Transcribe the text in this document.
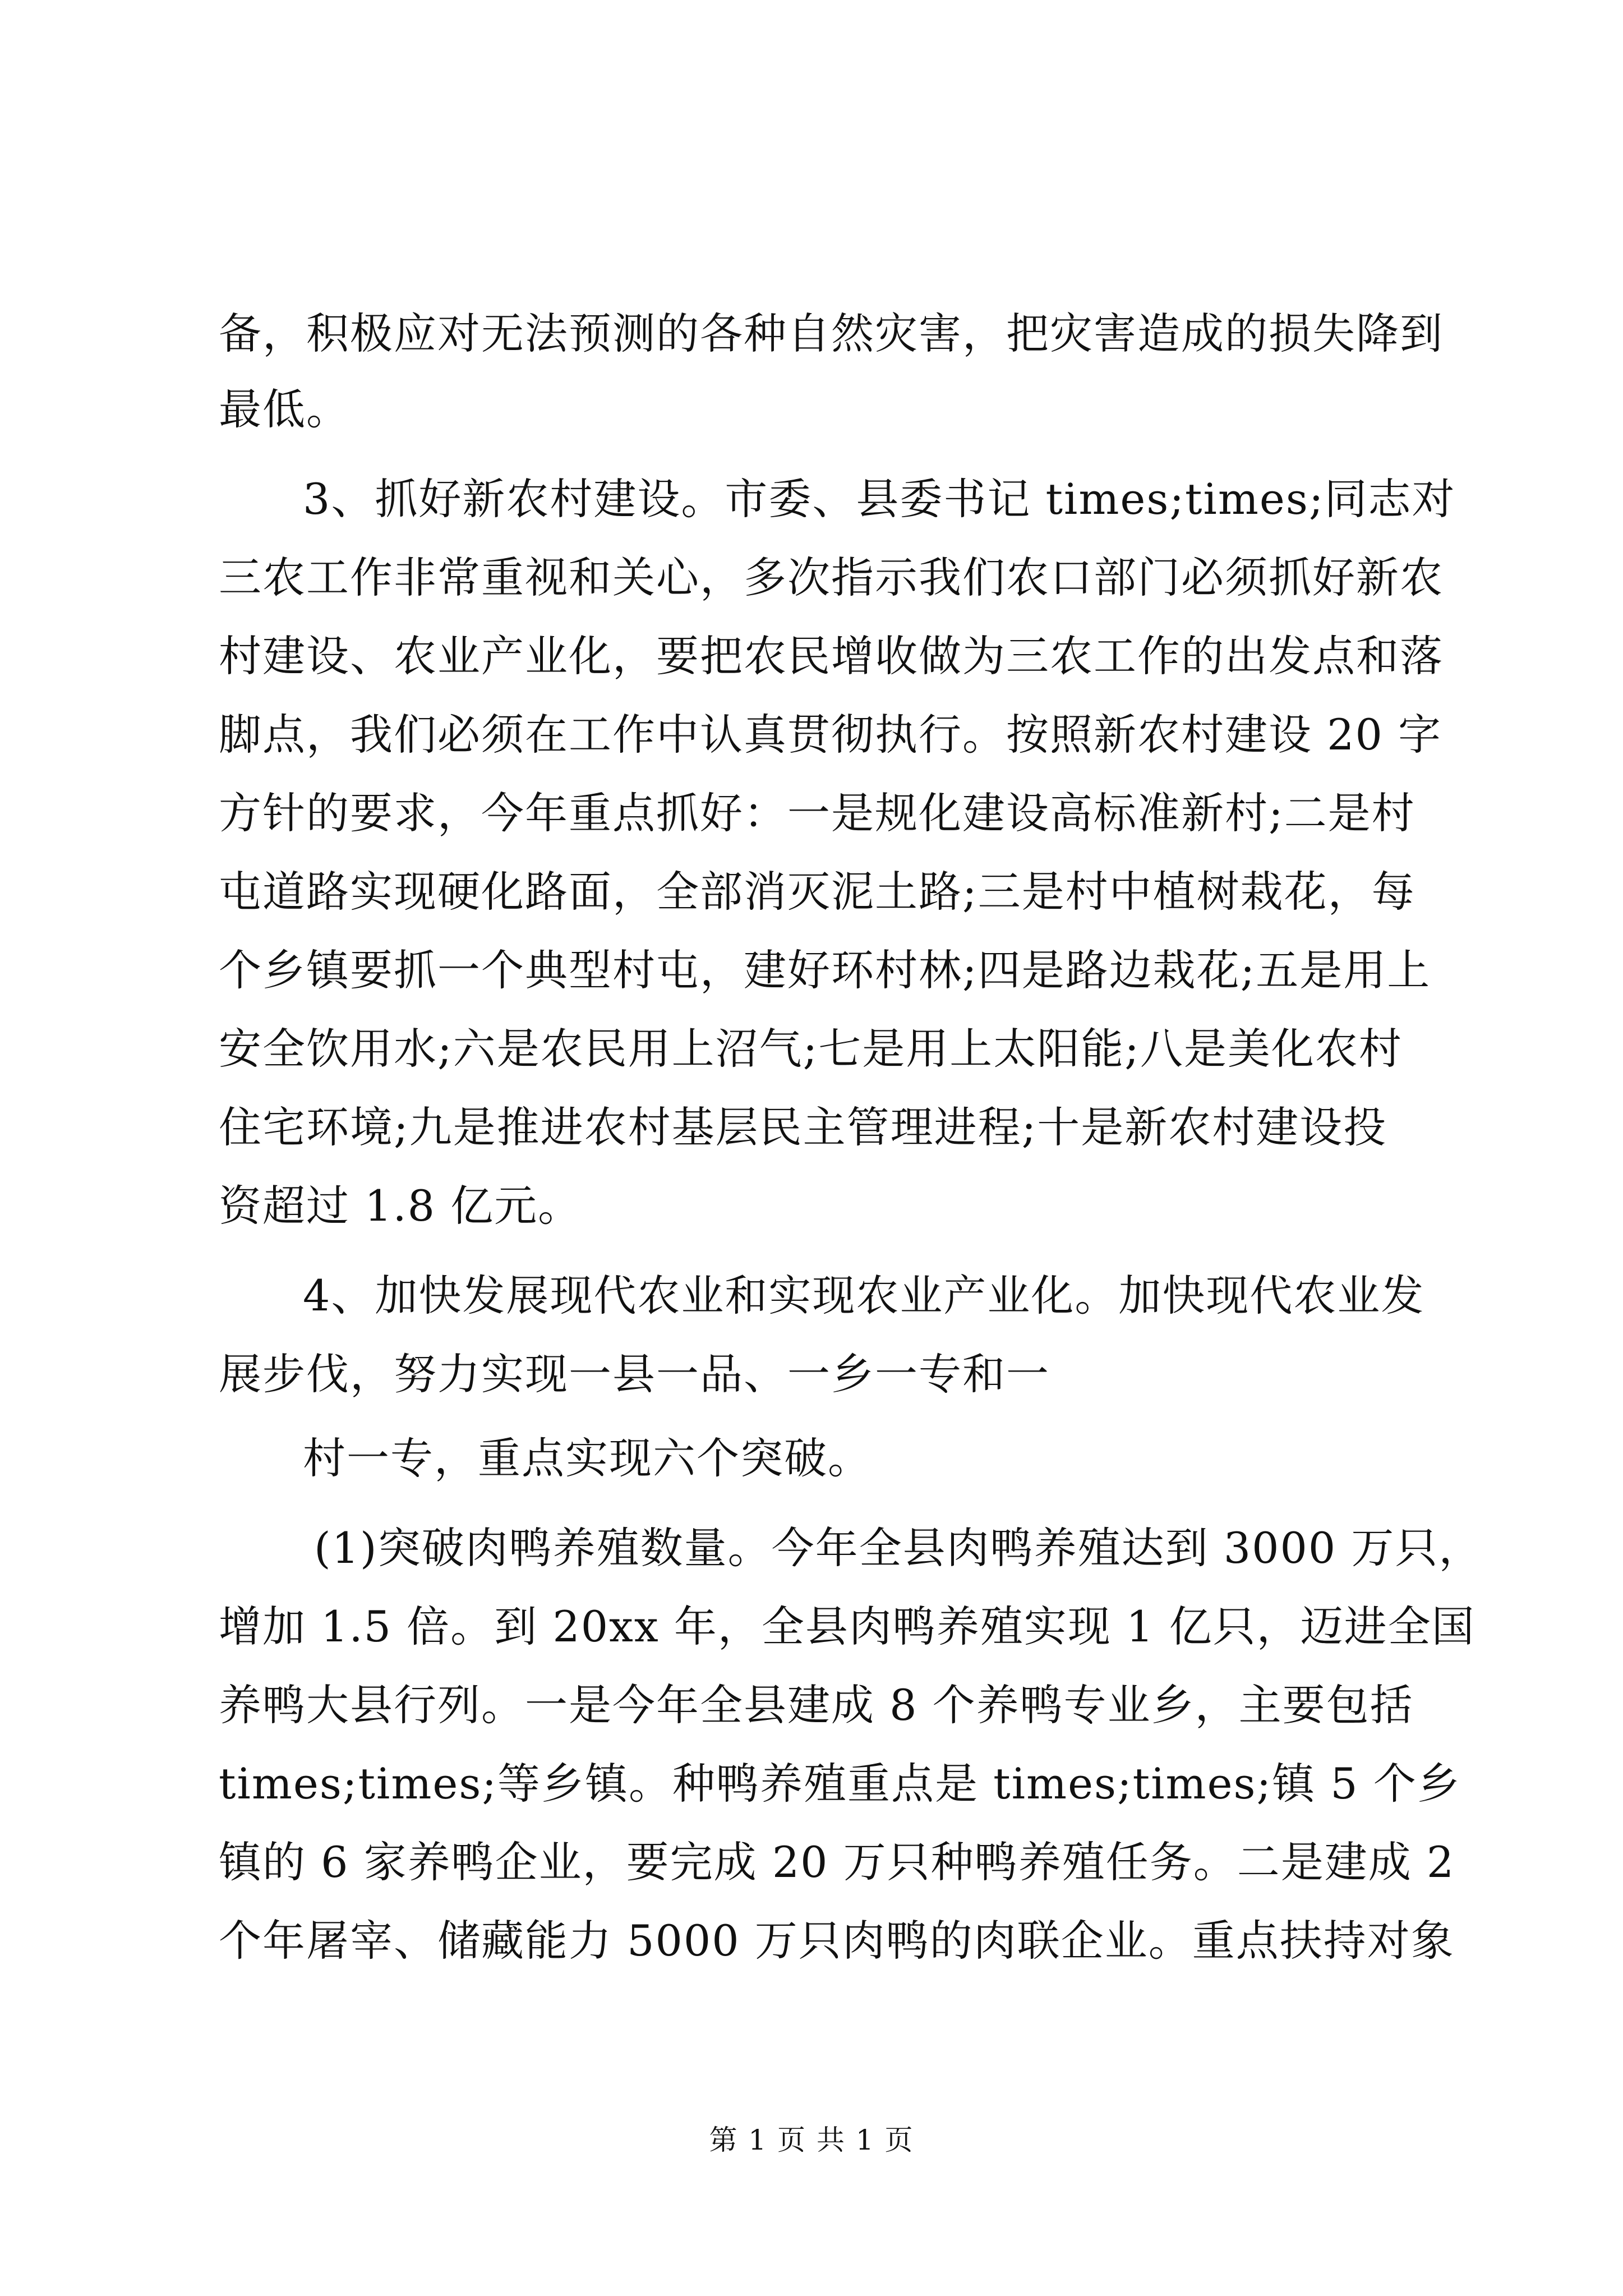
备，积极应对无法预测的各种自然灾害，把灾害造成的损失降到
最低。
3、抓好新农村建设。市委、县委书记 times;times;同志对
三农工作非常重视和关心，多次指示我们农口部门必须抓好新农
村建设、农业产业化，要把农民增收做为三农工作的出发点和落
脚点，我们必须在工作中认真贯彻执行。按照新农村建设 20 字
方针的要求，今年重点抓好：一是规化建设高标准新村;二是村
屯道路实现硬化路面，全部消灭泥土路;三是村中植树栽花，每
个乡镇要抓一个典型村屯，建好环村林;四是路边栽花;五是用上
安全饮用水;六是农民用上沼气;七是用上太阳能;八是美化农村
住宅环境;九是推进农村基层民主管理进程;十是新农村建设投
资超过 1.8 亿元。
4、加快发展现代农业和实现农业产业化。加快现代农业发
展步伐，努力实现一县一品、一乡一专和一
村一专，重点实现六个突破。
(1)突破肉鸭养殖数量。今年全县肉鸭养殖达到 3000 万只，
增加 1.5 倍。到 20xx 年，全县肉鸭养殖实现 1 亿只，迈进全国
养鸭大县行列。一是今年全县建成 8 个养鸭专业乡，主要包括
times;times;等乡镇。种鸭养殖重点是 times;times;镇 5 个乡
镇的 6 家养鸭企业，要完成 20 万只种鸭养殖任务。二是建成 2
个年屠宰、储藏能力 5000 万只肉鸭的肉联企业。重点扶持对象
第 1 页 共 1 页
